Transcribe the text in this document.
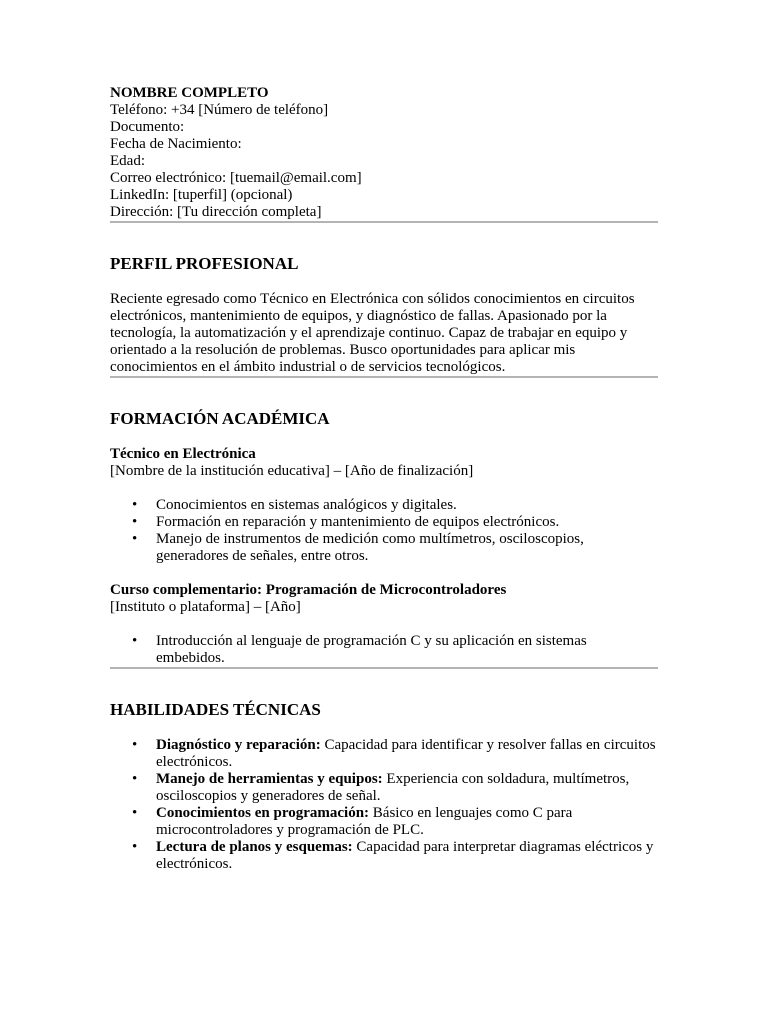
NOMBRE COMPLETO
Teléfono: +34 [Número de teléfono]
Documento:
Fecha de Nacimiento:
Edad:
Correo electrónico: [tuemail@email.com]
LinkedIn: [tuperfil] (opcional)
Dirección: [Tu dirección completa]
PERFIL PROFESIONAL
Reciente egresado como Técnico en Electrónica con sólidos conocimientos en circuitos electrónicos, mantenimiento de equipos, y diagnóstico de fallas. Apasionado por la tecnología, la automatización y el aprendizaje continuo. Capaz de trabajar en equipo y orientado a la resolución de problemas. Busco oportunidades para aplicar mis conocimientos en el ámbito industrial o de servicios tecnológicos.
FORMACIÓN ACADÉMICA
Técnico en Electrónica
[Nombre de la institución educativa] – [Año de finalización]
• Conocimientos en sistemas analógicos y digitales.
• Formación en reparación y mantenimiento de equipos electrónicos.
• Manejo de instrumentos de medición como multímetros, osciloscopios, generadores de señales, entre otros.
Curso complementario: Programación de Microcontroladores
[Instituto o plataforma] – [Año]
• Introducción al lenguaje de programación C y su aplicación en sistemas embebidos.
HABILIDADES TÉCNICAS
• Diagnóstico y reparación: Capacidad para identificar y resolver fallas en circuitos electrónicos.
• Manejo de herramientas y equipos: Experiencia con soldadura, multímetros, osciloscopios y generadores de señal.
• Conocimientos en programación: Básico en lenguajes como C para microcontroladores y programación de PLC.
• Lectura de planos y esquemas: Capacidad para interpretar diagramas eléctricos y electrónicos.
